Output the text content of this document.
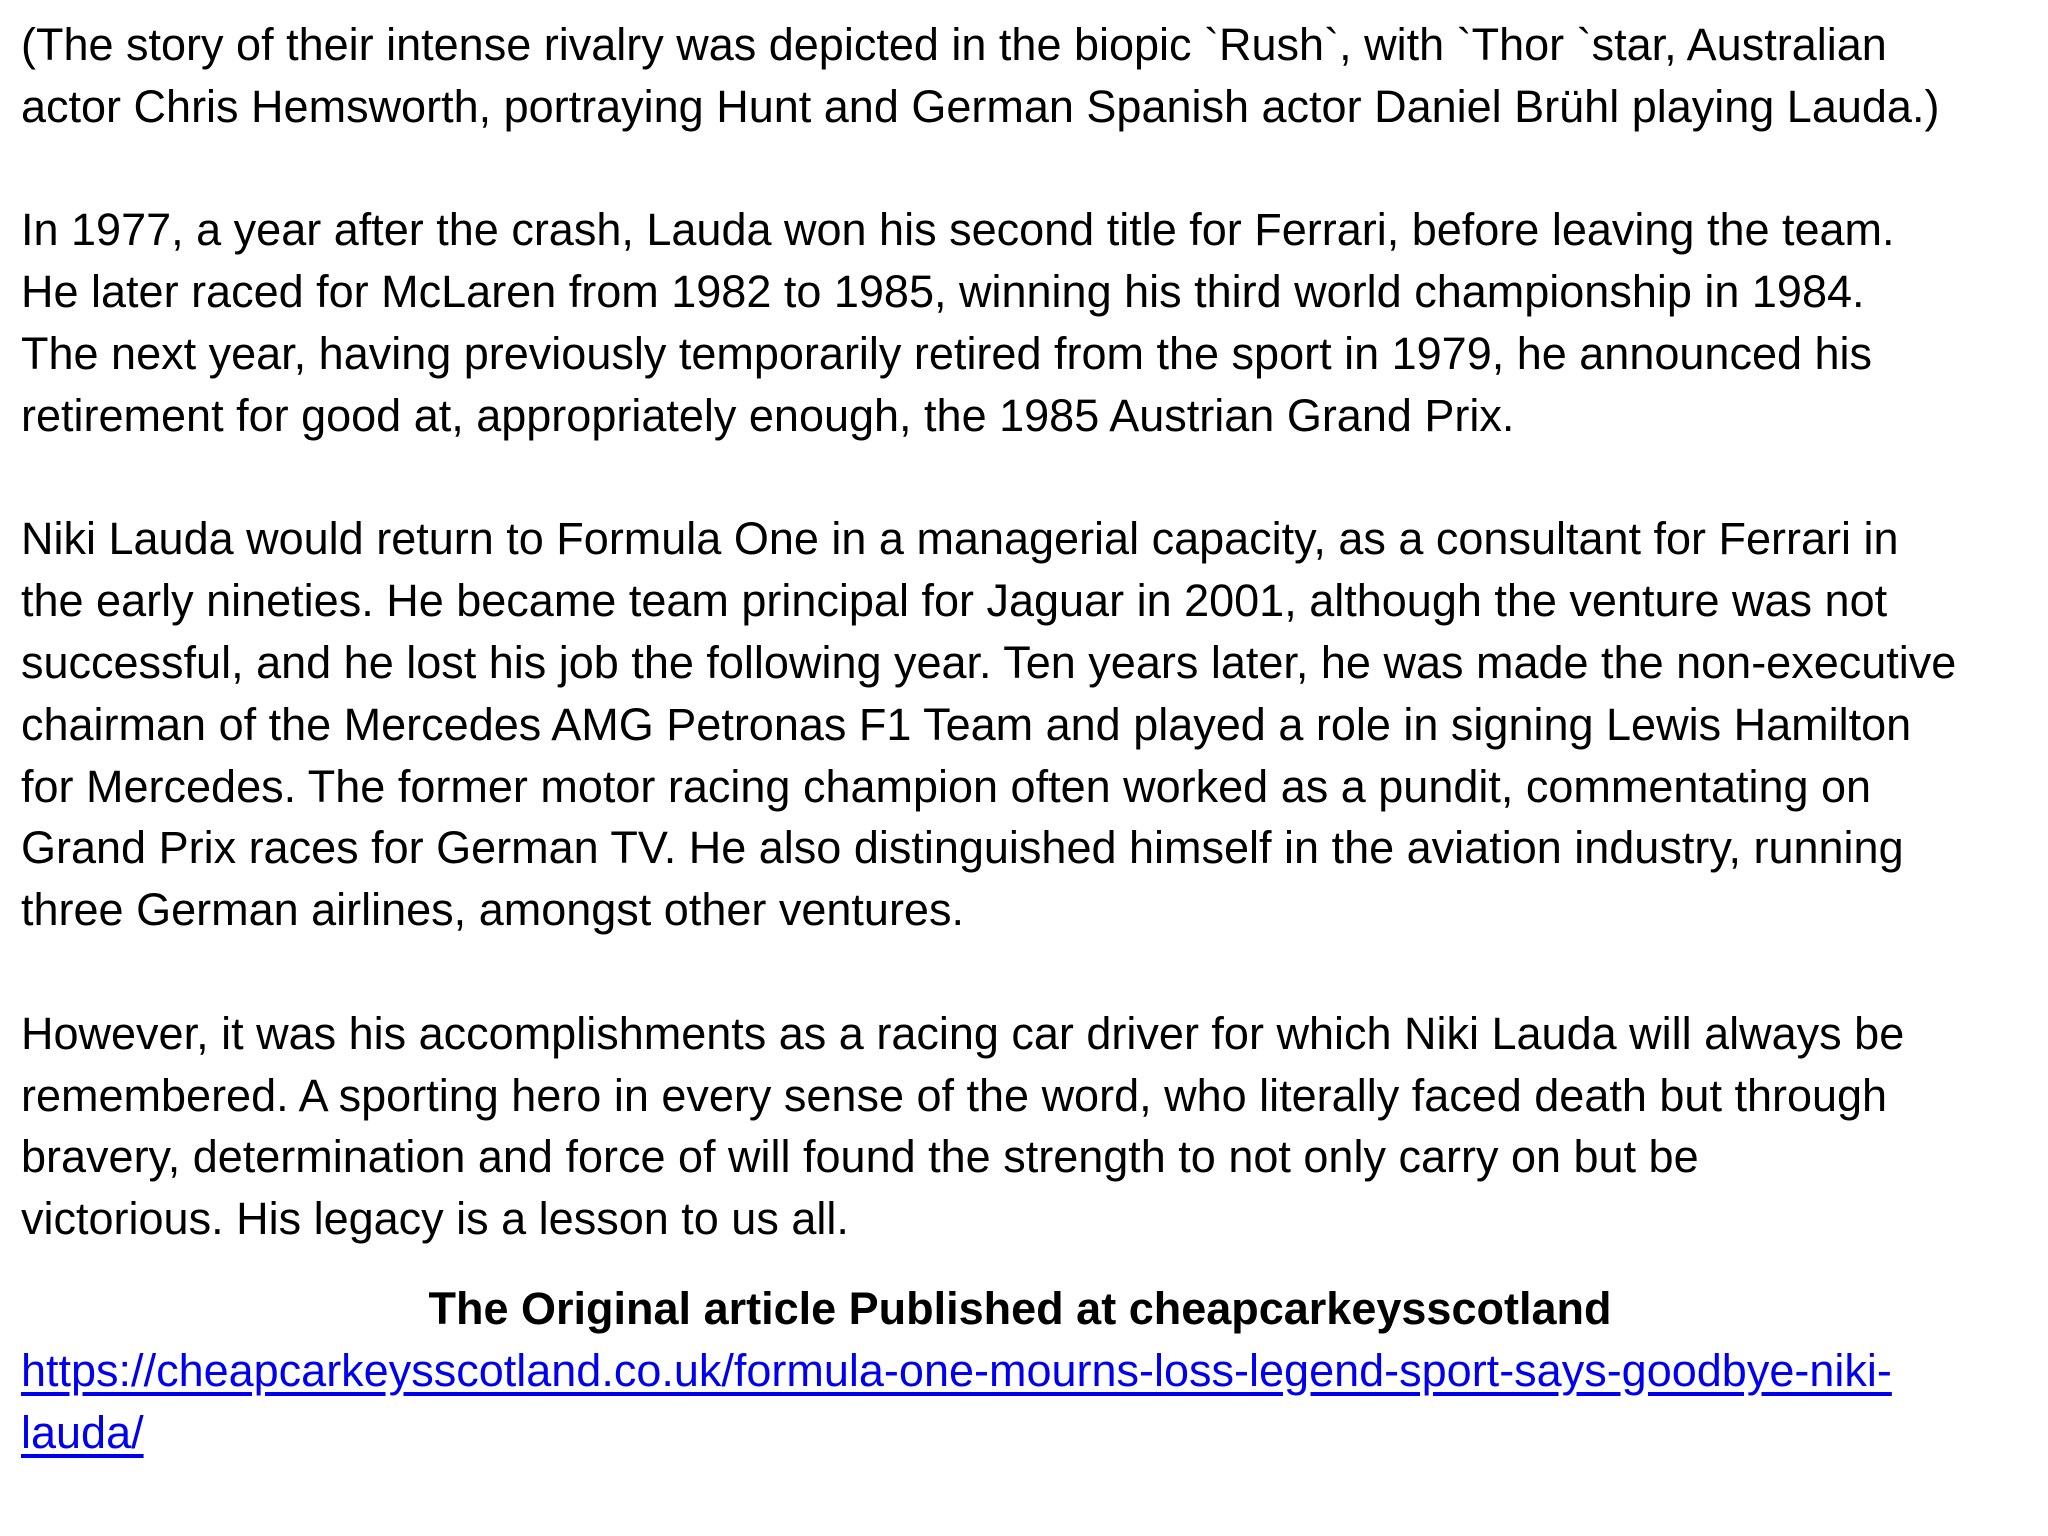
(The story of their intense rivalry was depicted in the biopic `Rush`, with `Thor `star, Australian
actor Chris Hemsworth, portraying Hunt and German Spanish actor Daniel Brühl playing Lauda.)

In 1977, a year after the crash, Lauda won his second title for Ferrari, before leaving the team.
He later raced for McLaren from 1982 to 1985, winning his third world championship in 1984.
The next year, having previously temporarily retired from the sport in 1979, he announced his
retirement for good at, appropriately enough, the 1985 Austrian Grand Prix.

Niki Lauda would return to Formula One in a managerial capacity, as a consultant for Ferrari in
the early nineties. He became team principal for Jaguar in 2001, although the venture was not
successful, and he lost his job the following year. Ten years later, he was made the non-executive
chairman of the Mercedes AMG Petronas F1 Team and played a role in signing Lewis Hamilton
for Mercedes. The former motor racing champion often worked as a pundit, commentating on
Grand Prix races for German TV. He also distinguished himself in the aviation industry, running
three German airlines, amongst other ventures.

However, it was his accomplishments as a racing car driver for which Niki Lauda will always be
remembered. A sporting hero in every sense of the word, who literally faced death but through
bravery, determination and force of will found the strength to not only carry on but be
victorious. His legacy is a lesson to us all.

The Original article Published at cheapcarkeysscotland

https://cheapcarkeysscotland.co.uk/formula-one-mourns-loss-legend-sport-says-goodbye-niki-
lauda/
